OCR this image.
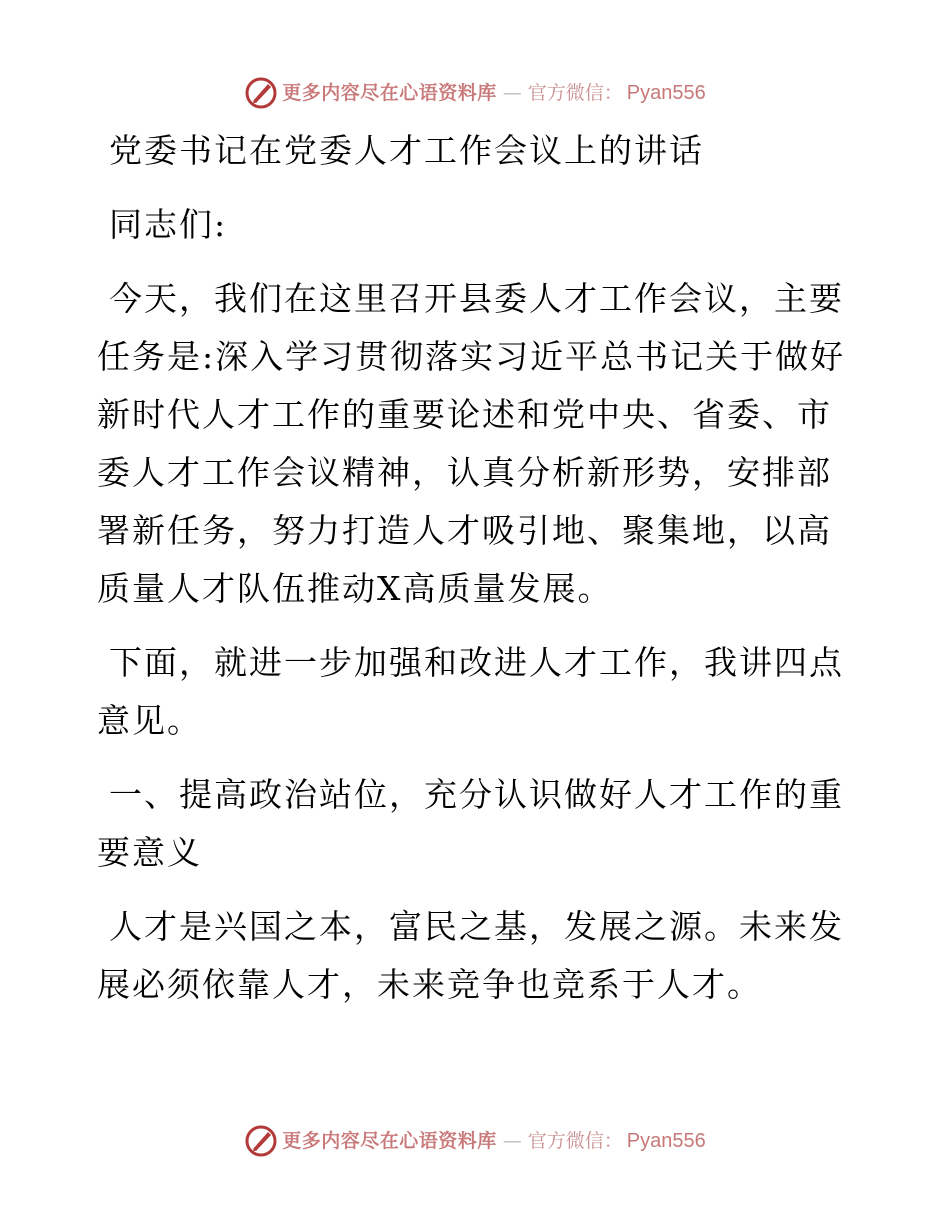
更多内容尽在心语资料库 — 官方微信： Pyan556

党委书记在党委人才工作会议上的讲话

同志们:

今天，我们在这里召开县委人才工作会议，主要任务是:深入学习贯彻落实习近平总书记关于做好新时代人才工作的重要论述和党中央、省委、市委人才工作会议精神，认真分析新形势，安排部署新任务，努力打造人才吸引地、聚集地，以高质量人才队伍推动X高质量发展。

下面，就进一步加强和改进人才工作，我讲四点意见。

一、提高政治站位，充分认识做好人才工作的重要意义

人才是兴国之本，富民之基，发展之源。未来发展必须依靠人才，未来竞争也竞系于人才。

更多内容尽在心语资料库 — 官方微信： Pyan556
